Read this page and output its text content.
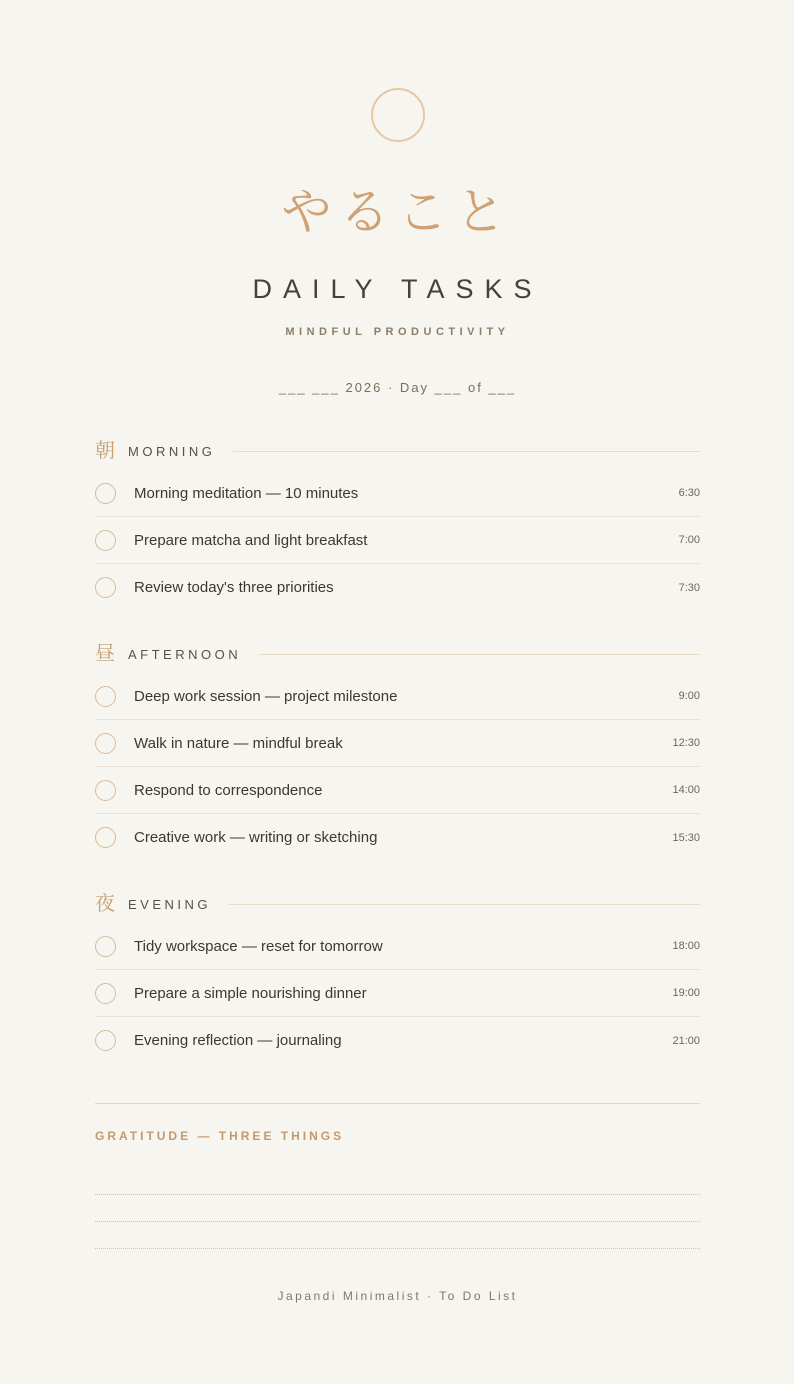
やること
DAILY TASKS
MINDFUL PRODUCTIVITY
___ ___ 2026 · Day ___ of ___
朝 MORNING
Morning meditation — 10 minutes	6:30
Prepare matcha and light breakfast	7:00
Review today's three priorities	7:30
昼 AFTERNOON
Deep work session — project milestone	9:00
Walk in nature — mindful break	12:30
Respond to correspondence	14:00
Creative work — writing or sketching	15:30
夜 EVENING
Tidy workspace — reset for tomorrow	18:00
Prepare a simple nourishing dinner	19:00
Evening reflection — journaling	21:00
GRATITUDE — THREE THINGS
Japandi Minimalist · To Do List
